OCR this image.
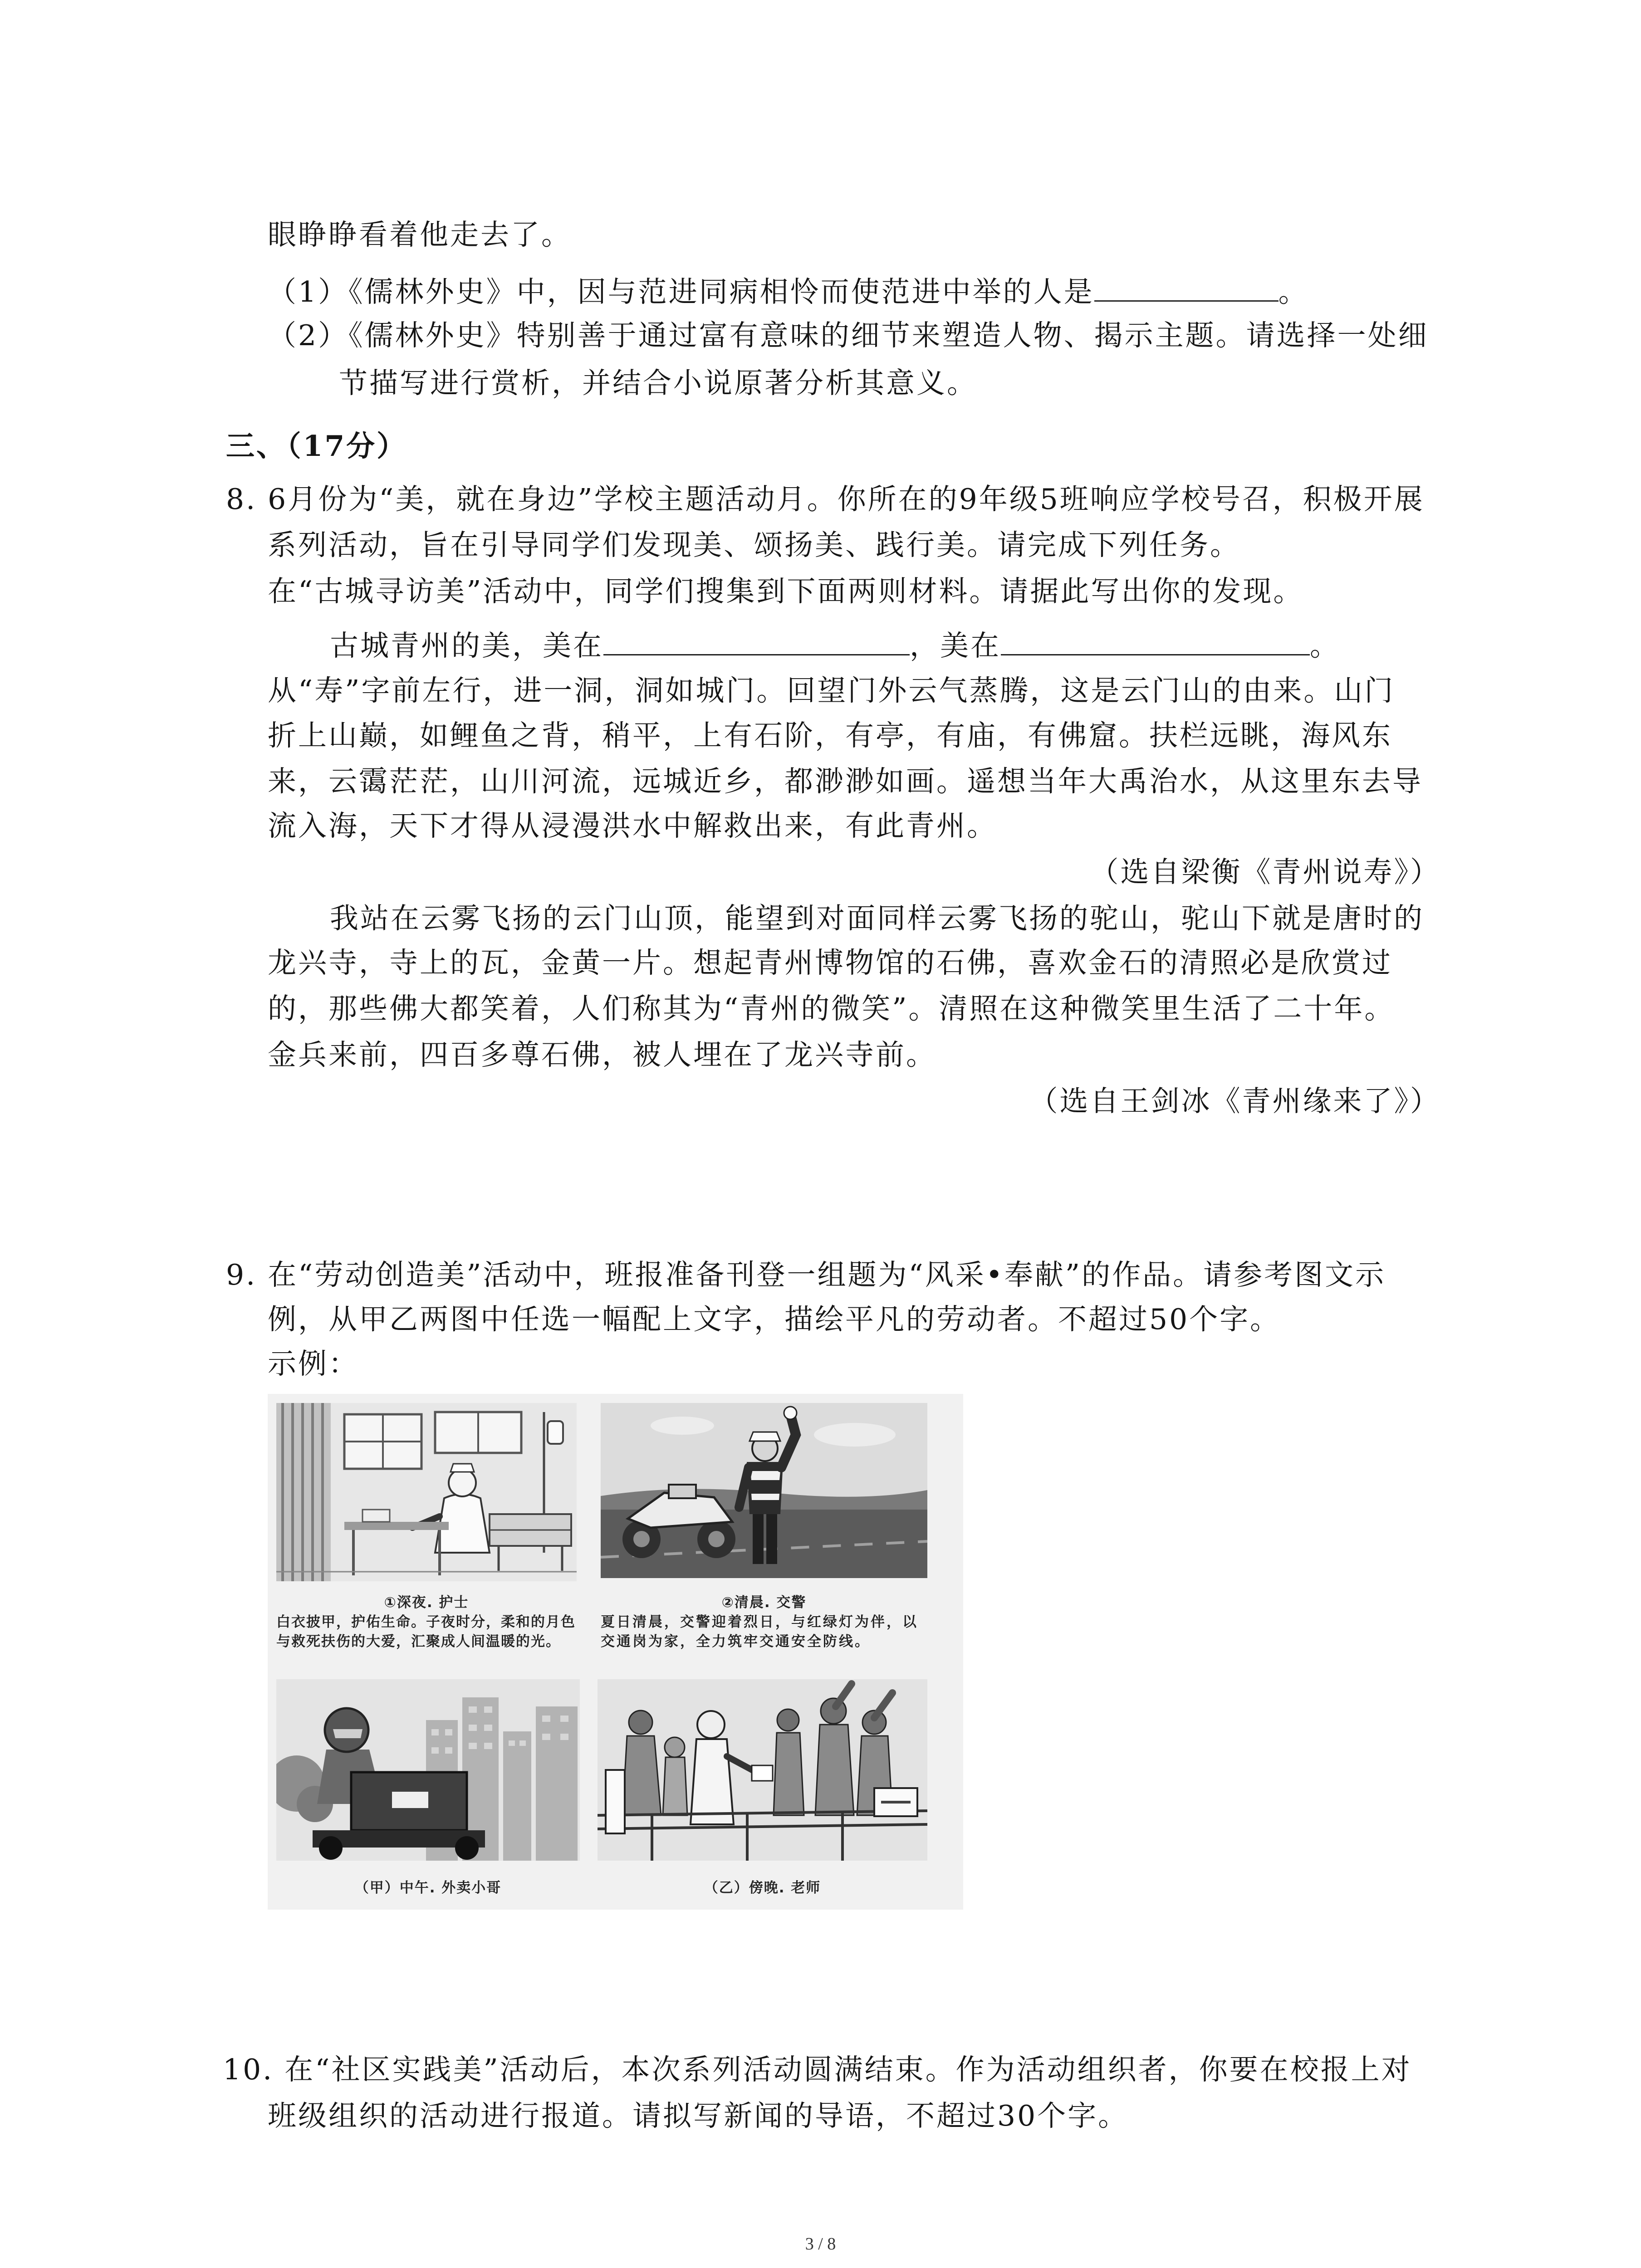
眼睁睁看着他走去了。
（1）《儒林外史》中，因与范进同病相怜而使范进中举的人是	。
（2）《儒林外史》特别善于通过富有意味的细节来塑造人物、揭示主题。请选择一处细
节描写进行赏析，并结合小说原著分析其意义。
三、（17分）
8. 6月份为“美，就在身边”学校主题活动月。你所在的9年级5班响应学校号召，积极开展
系列活动，旨在引导同学们发现美、颂扬美、践行美。请完成下列任务。
在“古城寻访美”活动中，同学们搜集到下面两则材料。请据此写出你的发现。
古城青州的美，美在	，美在	。
从“寿”字前左行，进一洞，洞如城门。回望门外云气蒸腾，这是云门山的由来。山门
折上山巅，如鲤鱼之背，稍平，上有石阶，有亭，有庙，有佛窟。扶栏远眺，海风东
来，云霭茫茫，山川河流，远城近乡，都渺渺如画。遥想当年大禹治水，从这里东去导
流入海，天下才得从浸漫洪水中解救出来，有此青州。
（选自梁衡《青州说寿》）
我站在云雾飞扬的云门山顶，能望到对面同样云雾飞扬的驼山，驼山下就是唐时的
龙兴寺，寺上的瓦，金黄一片。想起青州博物馆的石佛，喜欢金石的清照必是欣赏过
的，那些佛大都笑着，人们称其为“青州的微笑”。清照在这种微笑里生活了二十年。
金兵来前，四百多尊石佛，被人埋在了龙兴寺前。
（选自王剑冰《青州缘来了》）
9. 在“劳动创造美”活动中，班报准备刊登一组题为“风采•奉献”的作品。请参考图文示
例，从甲乙两图中任选一幅配上文字，描绘平凡的劳动者。不超过50个字。
示例：
①深夜. 护士
白衣披甲，护佑生命。子夜时分，柔和的月色
与救死扶伤的大爱，汇聚成人间温暖的光。
②清晨. 交警
夏日清晨，交警迎着烈日，与红绿灯为伴，以
交通岗为家，全力筑牢交通安全防线。
（甲）中午. 外卖小哥	（乙）傍晚. 老师
10. 在“社区实践美”活动后，本次系列活动圆满结束。作为活动组织者，你要在校报上对
班级组织的活动进行报道。请拟写新闻的导语，不超过30个字。
3 / 8
